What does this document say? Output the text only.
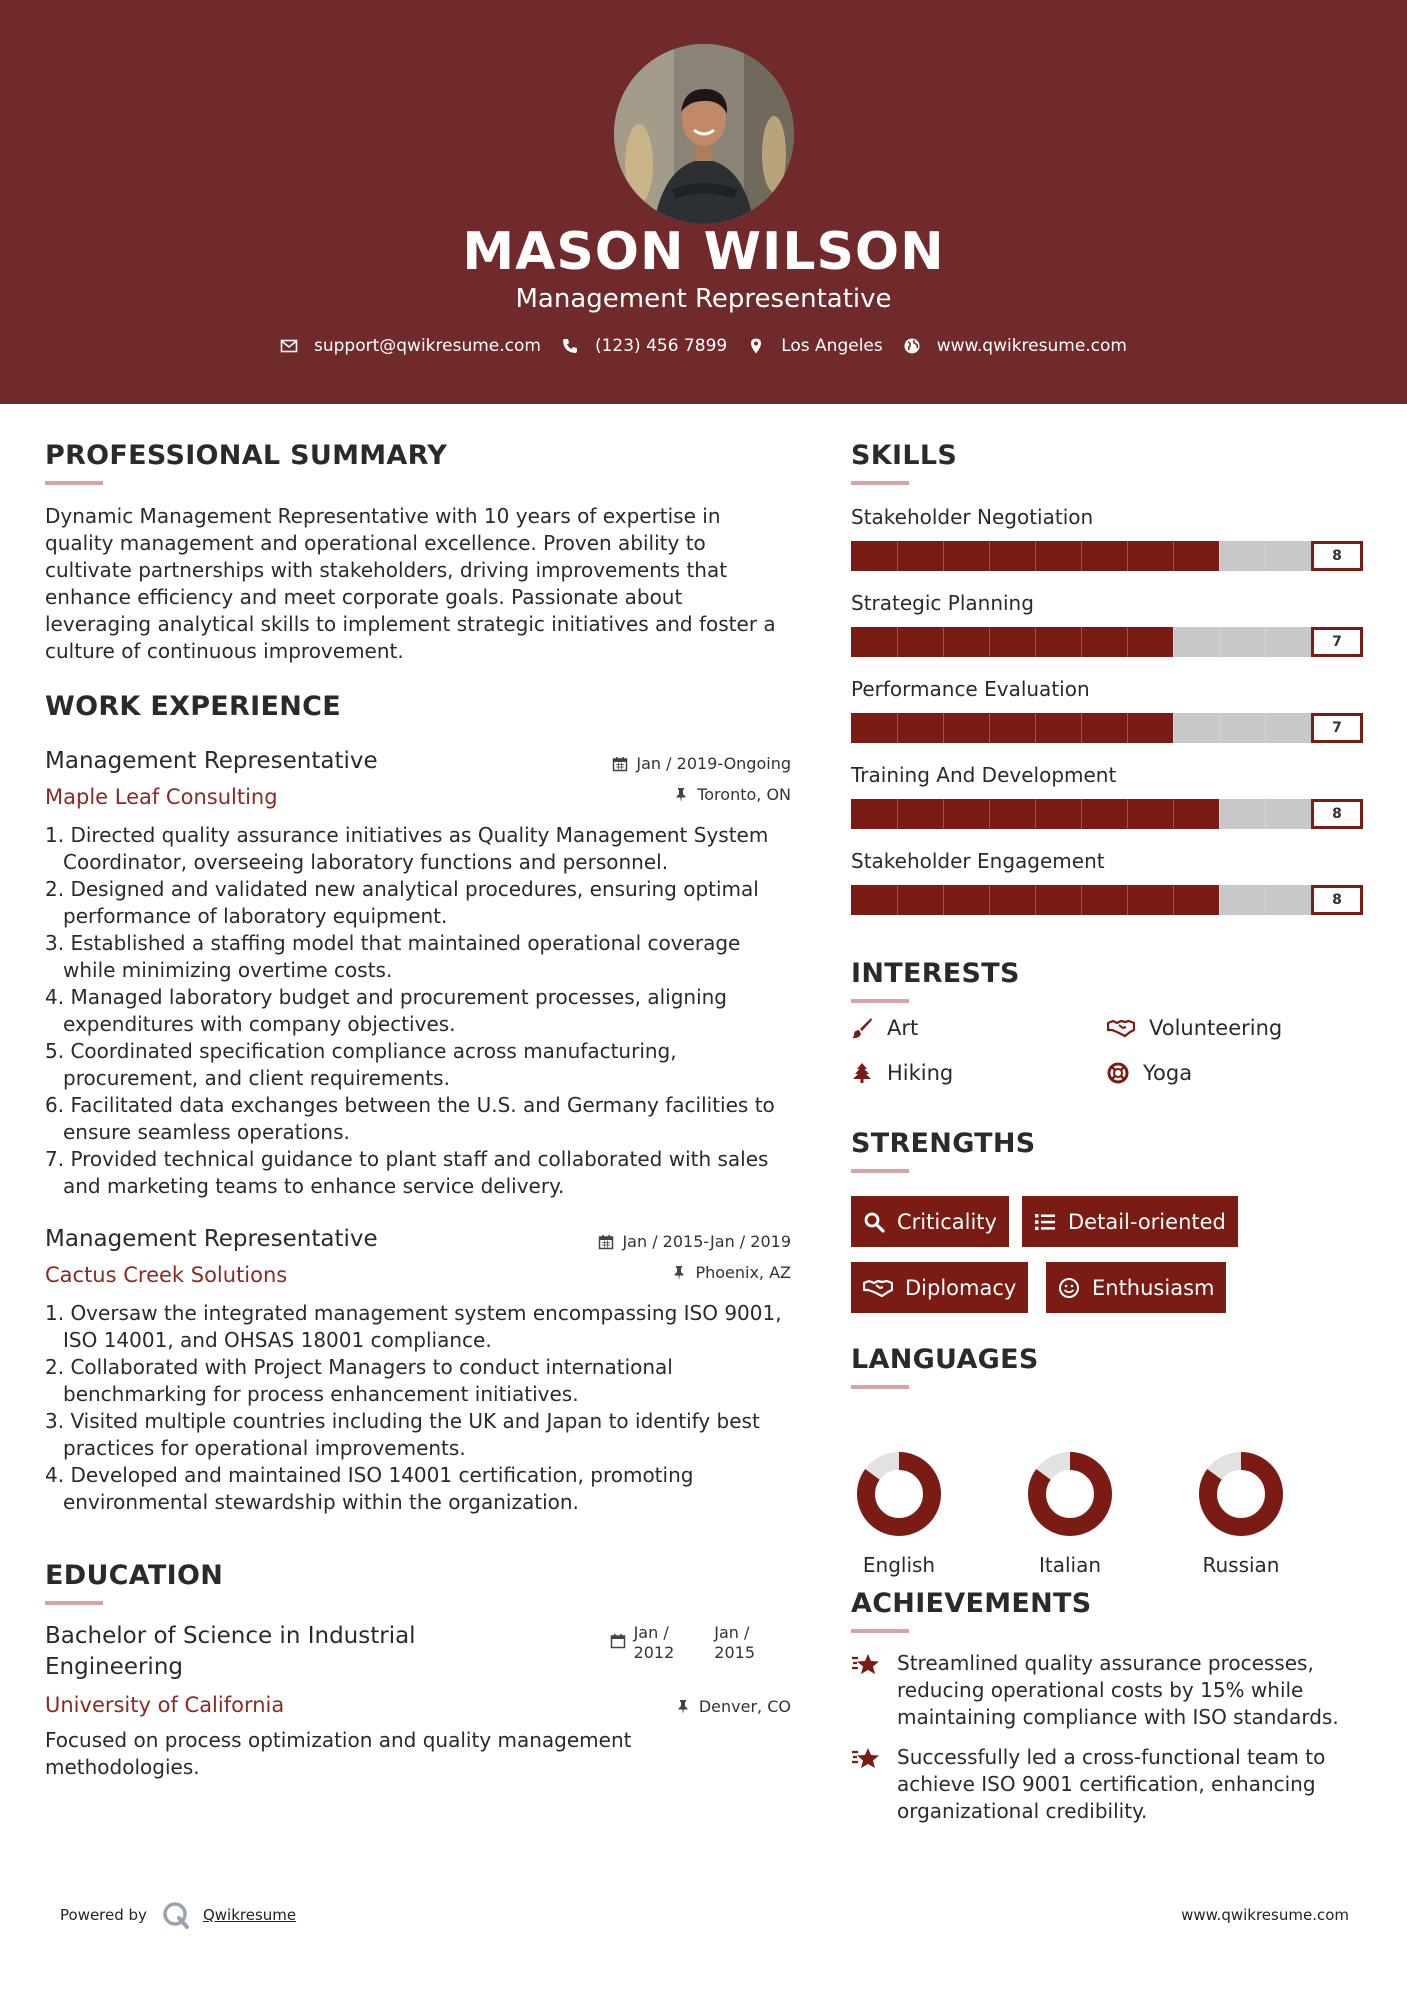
MASON WILSON
Management Representative
support@qwikresume.com	(123) 456 7899	Los Angeles	www.qwikresume.com
PROFESSIONAL SUMMARY
Dynamic Management Representative with 10 years of expertise in quality management and operational excellence. Proven ability to cultivate partnerships with stakeholders, driving improvements that enhance efficiency and meet corporate goals. Passionate about leveraging analytical skills to implement strategic initiatives and foster a culture of continuous improvement.
WORK EXPERIENCE
Management Representative
Maple Leaf Consulting
Jan / 2019-Ongoing
Toronto, ON
1. Directed quality assurance initiatives as Quality Management System Coordinator, overseeing laboratory functions and personnel.
2. Designed and validated new analytical procedures, ensuring optimal performance of laboratory equipment.
3. Established a staffing model that maintained operational coverage while minimizing overtime costs.
4. Managed laboratory budget and procurement processes, aligning expenditures with company objectives.
5. Coordinated specification compliance across manufacturing, procurement, and client requirements.
6. Facilitated data exchanges between the U.S. and Germany facilities to ensure seamless operations.
7. Provided technical guidance to plant staff and collaborated with sales and marketing teams to enhance service delivery.
Management Representative
Cactus Creek Solutions
Jan / 2015-Jan / 2019
Phoenix, AZ
1. Oversaw the integrated management system encompassing ISO 9001, ISO 14001, and OHSAS 18001 compliance.
2. Collaborated with Project Managers to conduct international benchmarking for process enhancement initiatives.
3. Visited multiple countries including the UK and Japan to identify best practices for operational improvements.
4. Developed and maintained ISO 14001 certification, promoting environmental stewardship within the organization.
EDUCATION
Bachelor of Science in Industrial
Engineering
University of California
Jan /
2012
Jan /
2015
Denver, CO
Focused on process optimization and quality management methodologies.
SKILLS
Stakeholder Negotiation
8
Strategic Planning
7
Performance Evaluation
7
Training And Development
8
Stakeholder Engagement
8
INTERESTS
Art	Volunteering
Hiking	Yoga
STRENGTHS
Criticality	Detail-oriented
Diplomacy	Enthusiasm
LANGUAGES
English	Italian	Russian
ACHIEVEMENTS
Streamlined quality assurance processes, reducing operational costs by 15% while maintaining compliance with ISO standards.
Successfully led a cross-functional team to achieve ISO 9001 certification, enhancing organizational credibility.
Powered by	Qwikresume	www.qwikresume.com
